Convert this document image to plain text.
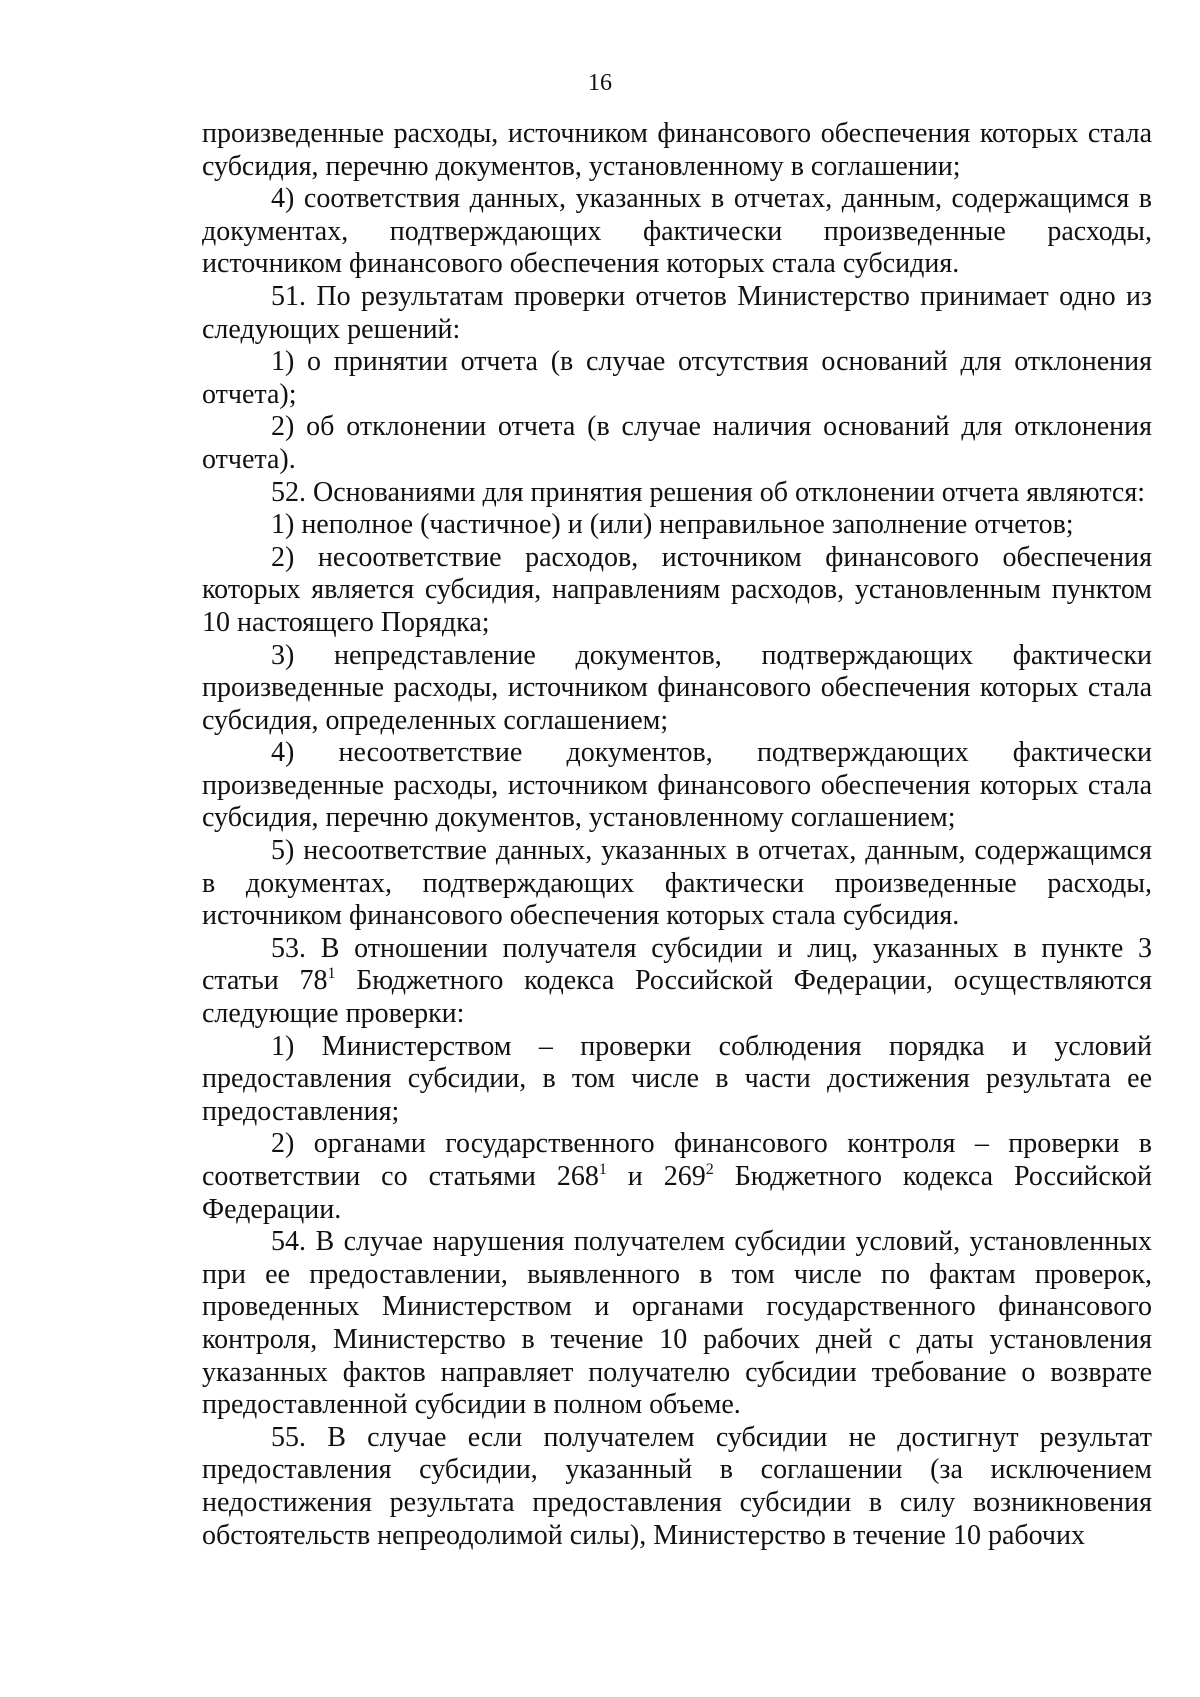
16

произведенные расходы, источником финансового обеспечения которых стала субсидия, перечню документов, установленному в соглашении;

4) соответствия данных, указанных в отчетах, данным, содержащимся в документах, подтверждающих фактически произведенные расходы, источником финансового обеспечения которых стала субсидия.

51. По результатам проверки отчетов Министерство принимает одно из следующих решений:

1) о принятии отчета (в случае отсутствия оснований для отклонения отчета);

2) об отклонении отчета (в случае наличия оснований для отклонения отчета).

52. Основаниями для принятия решения об отклонении отчета являются:

1) неполное (частичное) и (или) неправильное заполнение отчетов;

2) несоответствие расходов, источником финансового обеспечения которых является субсидия, направлениям расходов, установленным пунктом 10 настоящего Порядка;

3) непредставление документов, подтверждающих фактически произведенные расходы, источником финансового обеспечения которых стала субсидия, определенных соглашением;

4) несоответствие документов, подтверждающих фактически произведенные расходы, источником финансового обеспечения которых стала субсидия, перечню документов, установленному соглашением;

5) несоответствие данных, указанных в отчетах, данным, содержащимся в документах, подтверждающих фактически произведенные расходы, источником финансового обеспечения которых стала субсидия.

53. В отношении получателя субсидии и лиц, указанных в пункте 3 статьи $78^1$ Бюджетного кодекса Российской Федерации, осуществляются следующие проверки:

1) Министерством – проверки соблюдения порядка и условий предоставления субсидии, в том числе в части достижения результата ее предоставления;

2) органами государственного финансового контроля – проверки в соответствии со статьями $268^1$ и $269^2$ Бюджетного кодекса Российской Федерации.

54. В случае нарушения получателем субсидии условий, установленных при ее предоставлении, выявленного в том числе по фактам проверок, проведенных Министерством и органами государственного финансового контроля, Министерство в течение 10 рабочих дней с даты установления указанных фактов направляет получателю субсидии требование о возврате предоставленной субсидии в полном объеме.

55. В случае если получателем субсидии не достигнут результат предоставления субсидии, указанный в соглашении (за исключением недостижения результата предоставления субсидии в силу возникновения обстоятельств непреодолимой силы), Министерство в течение 10 рабочих
